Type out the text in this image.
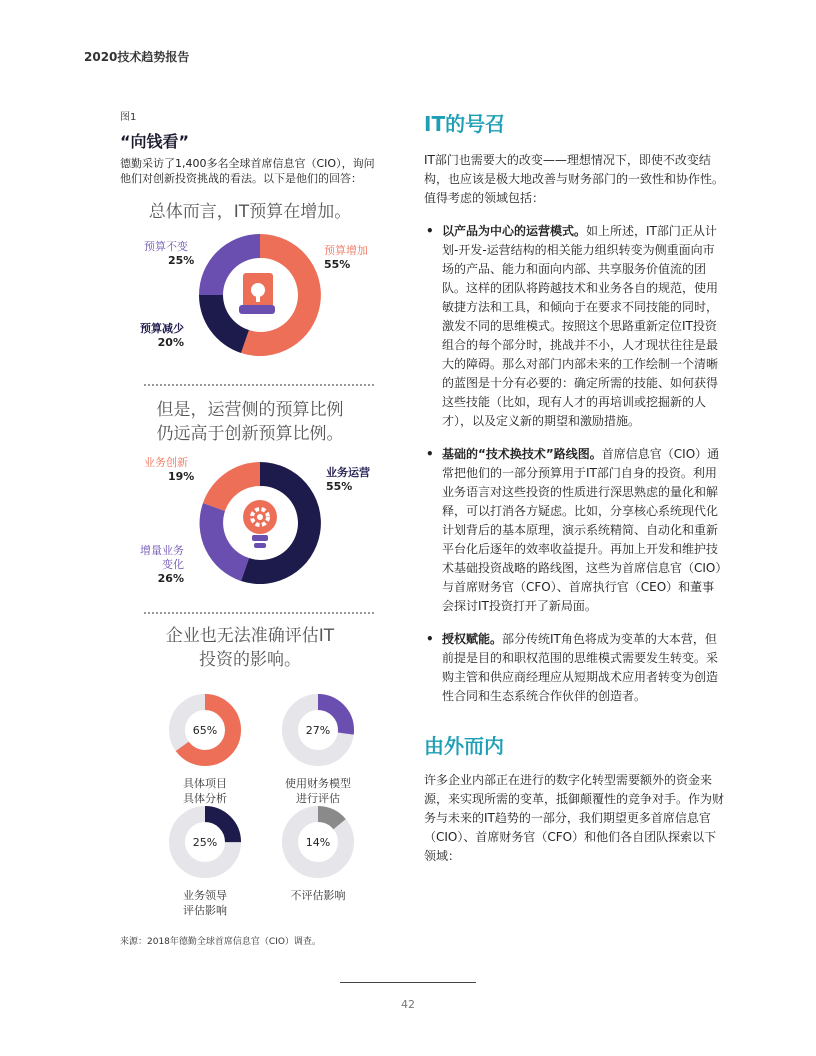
2020技术趋势报告
图1
“向钱看”
德勤采访了1,400多名全球首席信息官（CIO），询问他们对创新投资挑战的看法。以下是他们的回答：
总体而言，IT预算在增加。
预算不变
25%
预算增加
55%
预算减少
20%
但是，运营侧的预算比例
仍远高于创新预算比例。
业务创新
19%	业务运营
55%
增量业务
变化
26%
企业也无法准确评估IT
投资的影响。
65%
具体项目
具体分析
27%
使用财务模型
进行评估
25%
业务领导
评估影响
14%
不评估影响
来源：2018年德勤全球首席信息官（CIO）调查。
IT的号召
IT部门也需要大的改变——理想情况下，即使不改变结构，也应该是极大地改善与财务部门的一致性和协作性。值得考虑的领域包括：
• 以产品为中心的运营模式。如上所述，IT部门正从计划-开发-运营结构的相关能力组织转变为侧重面向市场的产品、能力和面向内部、共享服务价值流的团队。这样的团队将跨越技术和业务各自的规范，使用敏捷方法和工具，和倾向于在要求不同技能的同时，激发不同的思维模式。按照这个思路重新定位IT投资组合的每个部分时，挑战并不小，人才现状往往是最大的障碍。那么对部门内部未来的工作绘制一个清晰的蓝图是十分有必要的：确定所需的技能、如何获得这些技能（比如，现有人才的再培训或挖掘新的人才），以及定义新的期望和激励措施。
• 基础的“技术换技术”路线图。首席信息官（CIO）通常把他们的一部分预算用于IT部门自身的投资。利用业务语言对这些投资的性质进行深思熟虑的量化和解释，可以打消各方疑虑。比如，分享核心系统现代化计划背后的基本原理，演示系统精简、自动化和重新平台化后逐年的效率收益提升。再加上开发和维护技术基础投资战略的路线图，这些为首席信息官（CIO）与首席财务官（CFO）、首席执行官（CEO）和董事会探讨IT投资打开了新局面。
• 授权赋能。部分传统IT角色将成为变革的大本营，但前提是目的和职权范围的思维模式需要发生转变。采购主管和供应商经理应从短期战术应用者转变为创造性合同和生态系统合作伙伴的创造者。
由外而内
许多企业内部正在进行的数字化转型需要额外的资金来源，来实现所需的变革，抵御颠覆性的竞争对手。作为财务与未来的IT趋势的一部分，我们期望更多首席信息官（CIO）、首席财务官（CFO）和他们各自团队探索以下领域：
42
